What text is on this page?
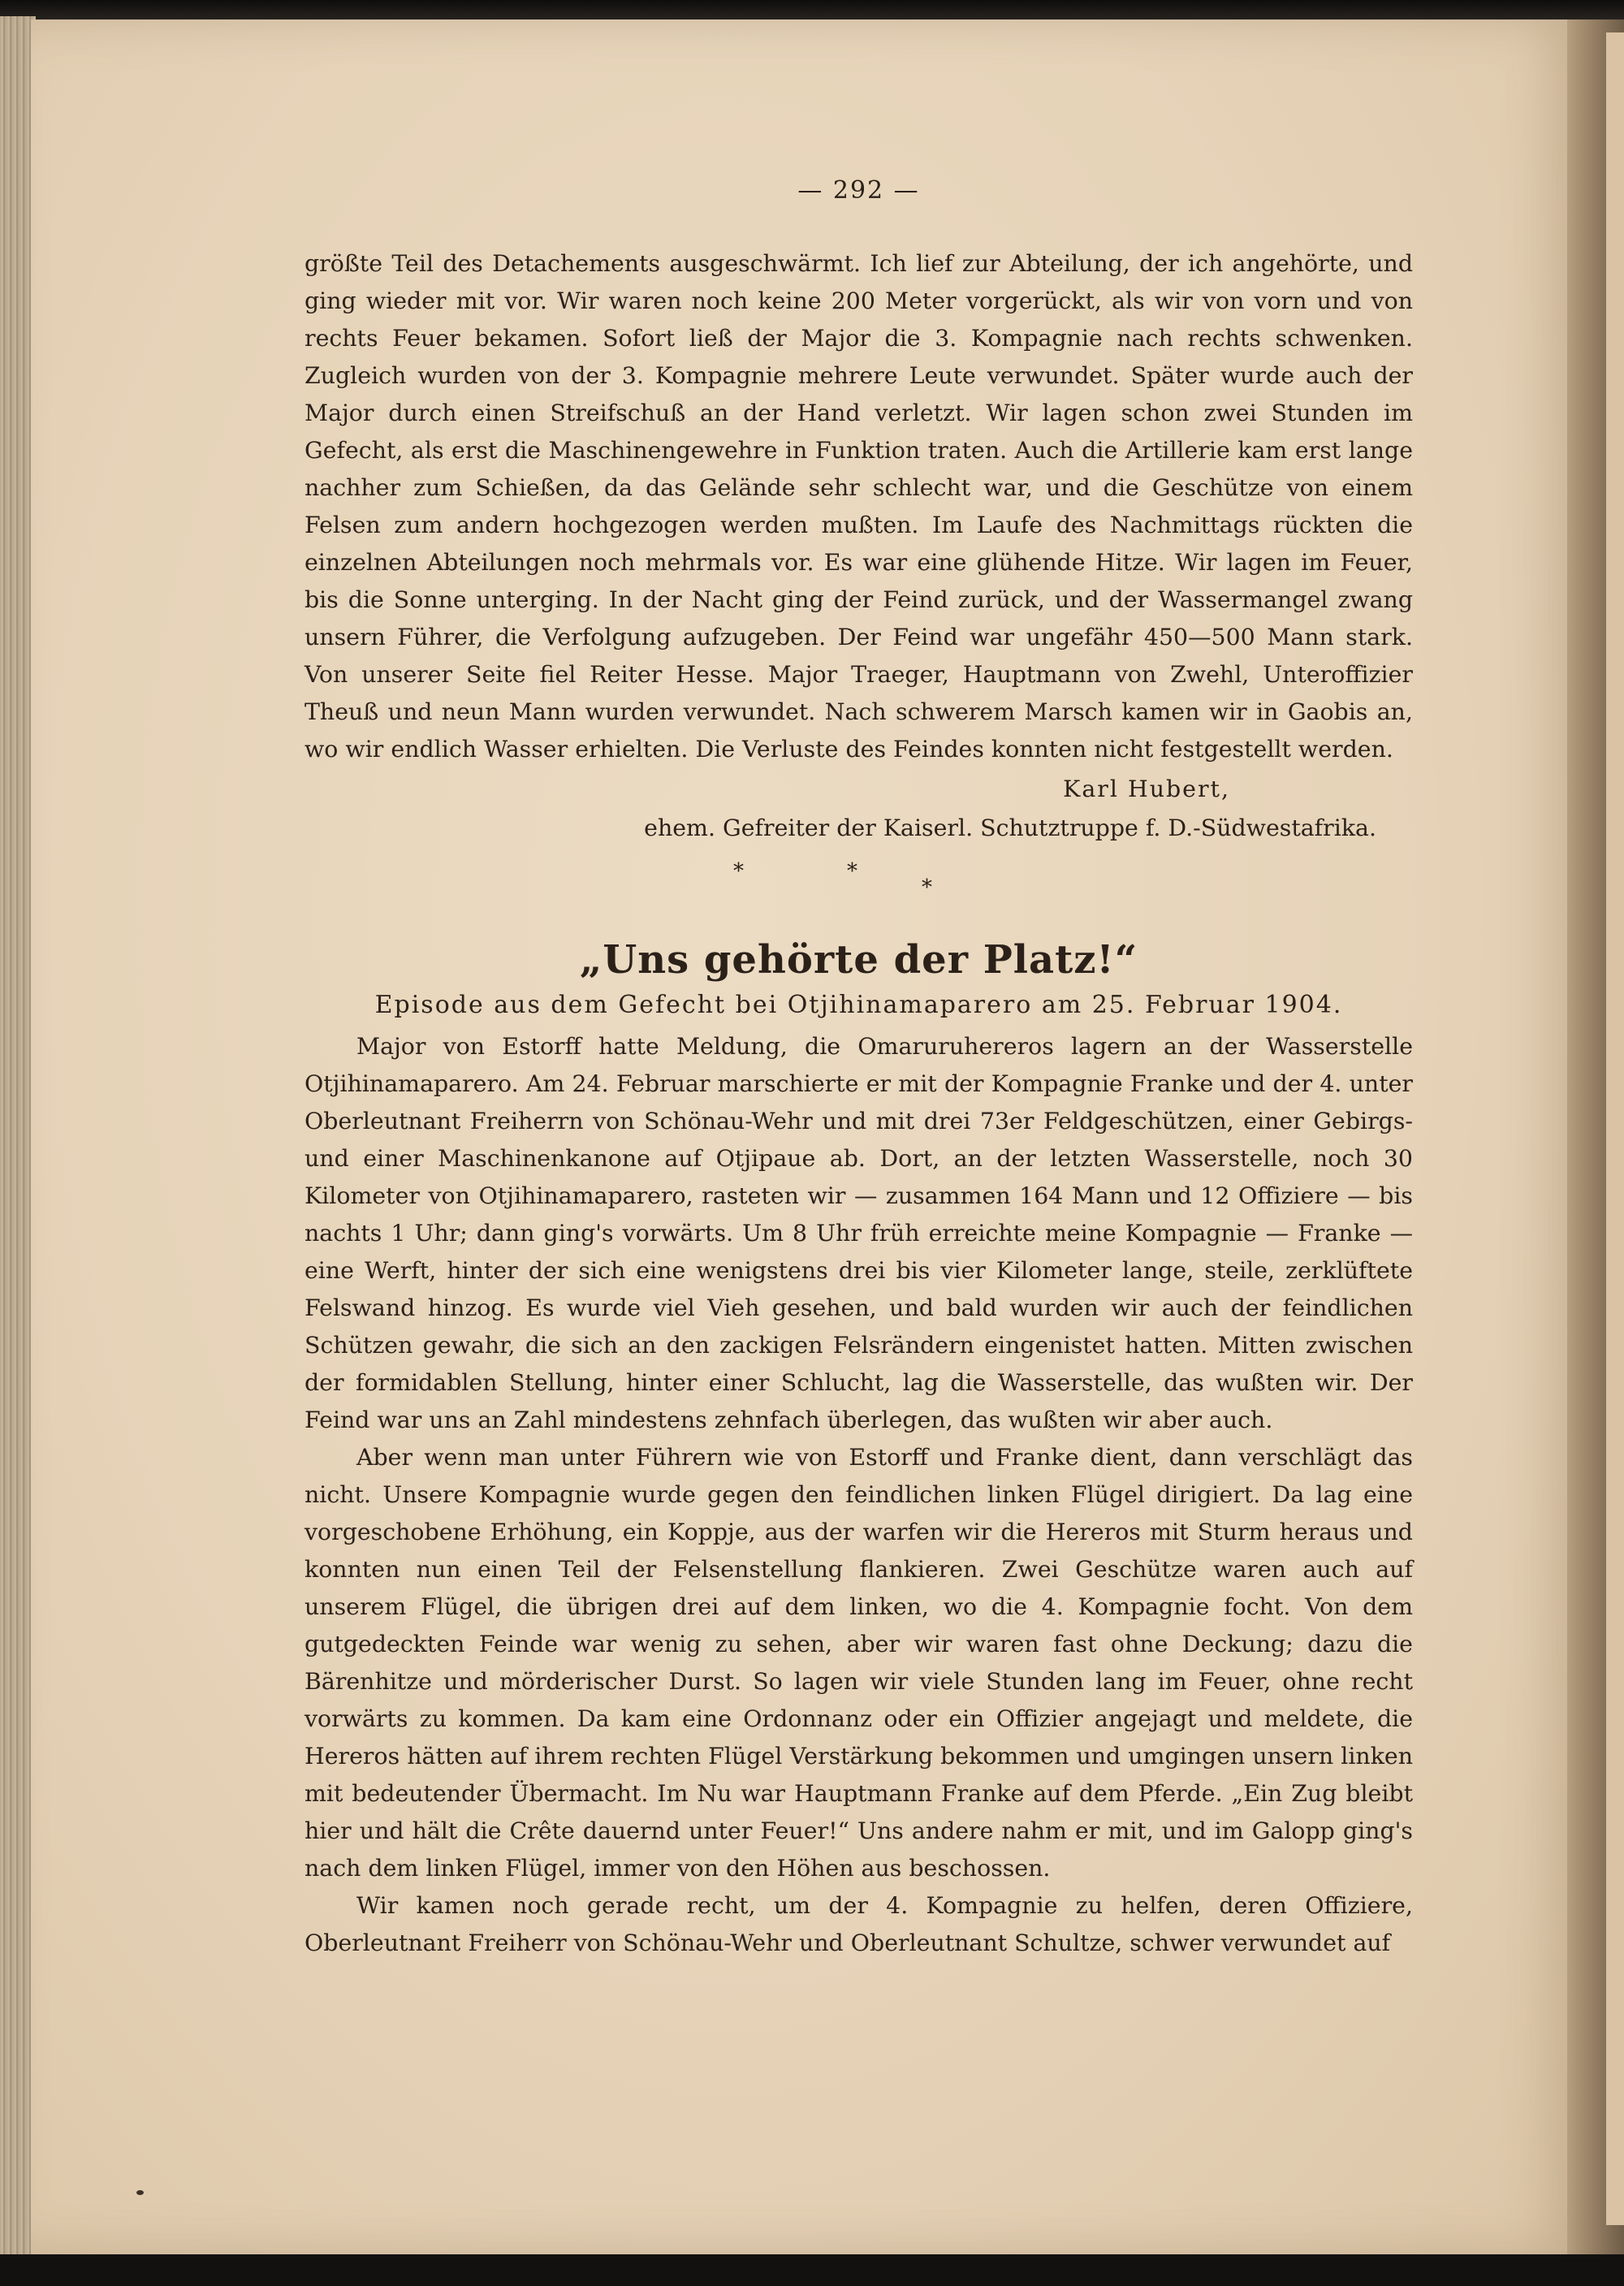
— 292 —

größte Teil des Detachements ausgeschwärmt. Ich lief zur Abteilung, der ich angehörte, und ging wieder mit vor. Wir waren noch keine 200 Meter vorgerückt, als wir von vorn und von rechts Feuer bekamen. Sofort ließ der Major die 3. Kompagnie nach rechts schwenken. Zugleich wurden von der 3. Kompagnie mehrere Leute verwundet. Später wurde auch der Major durch einen Streifschuß an der Hand verletzt. Wir lagen schon zwei Stunden im Gefecht, als erst die Maschinengewehre in Funktion traten. Auch die Artillerie kam erst lange nachher zum Schießen, da das Gelände sehr schlecht war, und die Geschütze von einem Felsen zum andern hochgezogen werden mußten. Im Laufe des Nachmittags rückten die einzelnen Abteilungen noch mehrmals vor. Es war eine glühende Hitze. Wir lagen im Feuer, bis die Sonne unterging. In der Nacht ging der Feind zurück, und der Wassermangel zwang unsern Führer, die Verfolgung aufzugeben. Der Feind war ungefähr 450—500 Mann stark. Von unserer Seite fiel Reiter Hesse. Major Traeger, Hauptmann von Zwehl, Unteroffizier Theuß und neun Mann wurden verwundet. Nach schwerem Marsch kamen wir in Gaobis an, wo wir endlich Wasser erhielten. Die Verluste des Feindes konnten nicht festgestellt werden.

Karl Hubert,
ehem. Gefreiter der Kaiserl. Schutztruppe f. D.-Südwestafrika.
*	*
*
„Uns gehörte der Platz!“
Episode aus dem Gefecht bei Otjihinamaparero am 25. Februar 1904.

Major von Estorff hatte Meldung, die Omaruruhereros lagern an der Wasserstelle Otjihinamaparero. Am 24. Februar marschierte er mit der Kompagnie Franke und der 4. unter Oberleutnant Freiherrn von Schönau-Wehr und mit drei 73er Feldgeschützen, einer Gebirgs- und einer Maschinenkanone auf Otjipaue ab. Dort, an der letzten Wasserstelle, noch 30 Kilometer von Otjihinamaparero, rasteten wir — zusammen 164 Mann und 12 Offiziere — bis nachts 1 Uhr; dann ging's vorwärts. Um 8 Uhr früh erreichte meine Kompagnie — Franke — eine Werft, hinter der sich eine wenigstens drei bis vier Kilometer lange, steile, zerklüftete Felswand hinzog. Es wurde viel Vieh gesehen, und bald wurden wir auch der feindlichen Schützen gewahr, die sich an den zackigen Felsrändern eingenistet hatten. Mitten zwischen der formidablen Stellung, hinter einer Schlucht, lag die Wasserstelle, das wußten wir. Der Feind war uns an Zahl mindestens zehnfach überlegen, das wußten wir aber auch.

Aber wenn man unter Führern wie von Estorff und Franke dient, dann verschlägt das nicht. Unsere Kompagnie wurde gegen den feindlichen linken Flügel dirigiert. Da lag eine vorgeschobene Erhöhung, ein Koppje, aus der warfen wir die Hereros mit Sturm heraus und konnten nun einen Teil der Felsenstellung flankieren. Zwei Geschütze waren auch auf unserem Flügel, die übrigen drei auf dem linken, wo die 4. Kompagnie focht. Von dem gutgedeckten Feinde war wenig zu sehen, aber wir waren fast ohne Deckung; dazu die Bärenhitze und mörderischer Durst. So lagen wir viele Stunden lang im Feuer, ohne recht vorwärts zu kommen. Da kam eine Ordonnanz oder ein Offizier angejagt und meldete, die Hereros hätten auf ihrem rechten Flügel Verstärkung bekommen und umgingen unsern linken mit bedeutender Übermacht. Im Nu war Hauptmann Franke auf dem Pferde. „Ein Zug bleibt hier und hält die Crête dauernd unter Feuer!“ Uns andere nahm er mit, und im Galopp ging's nach dem linken Flügel, immer von den Höhen aus beschossen.

Wir kamen noch gerade recht, um der 4. Kompagnie zu helfen, deren Offiziere, Oberleutnant Freiherr von Schönau-Wehr und Oberleutnant Schultze, schwer verwundet auf
